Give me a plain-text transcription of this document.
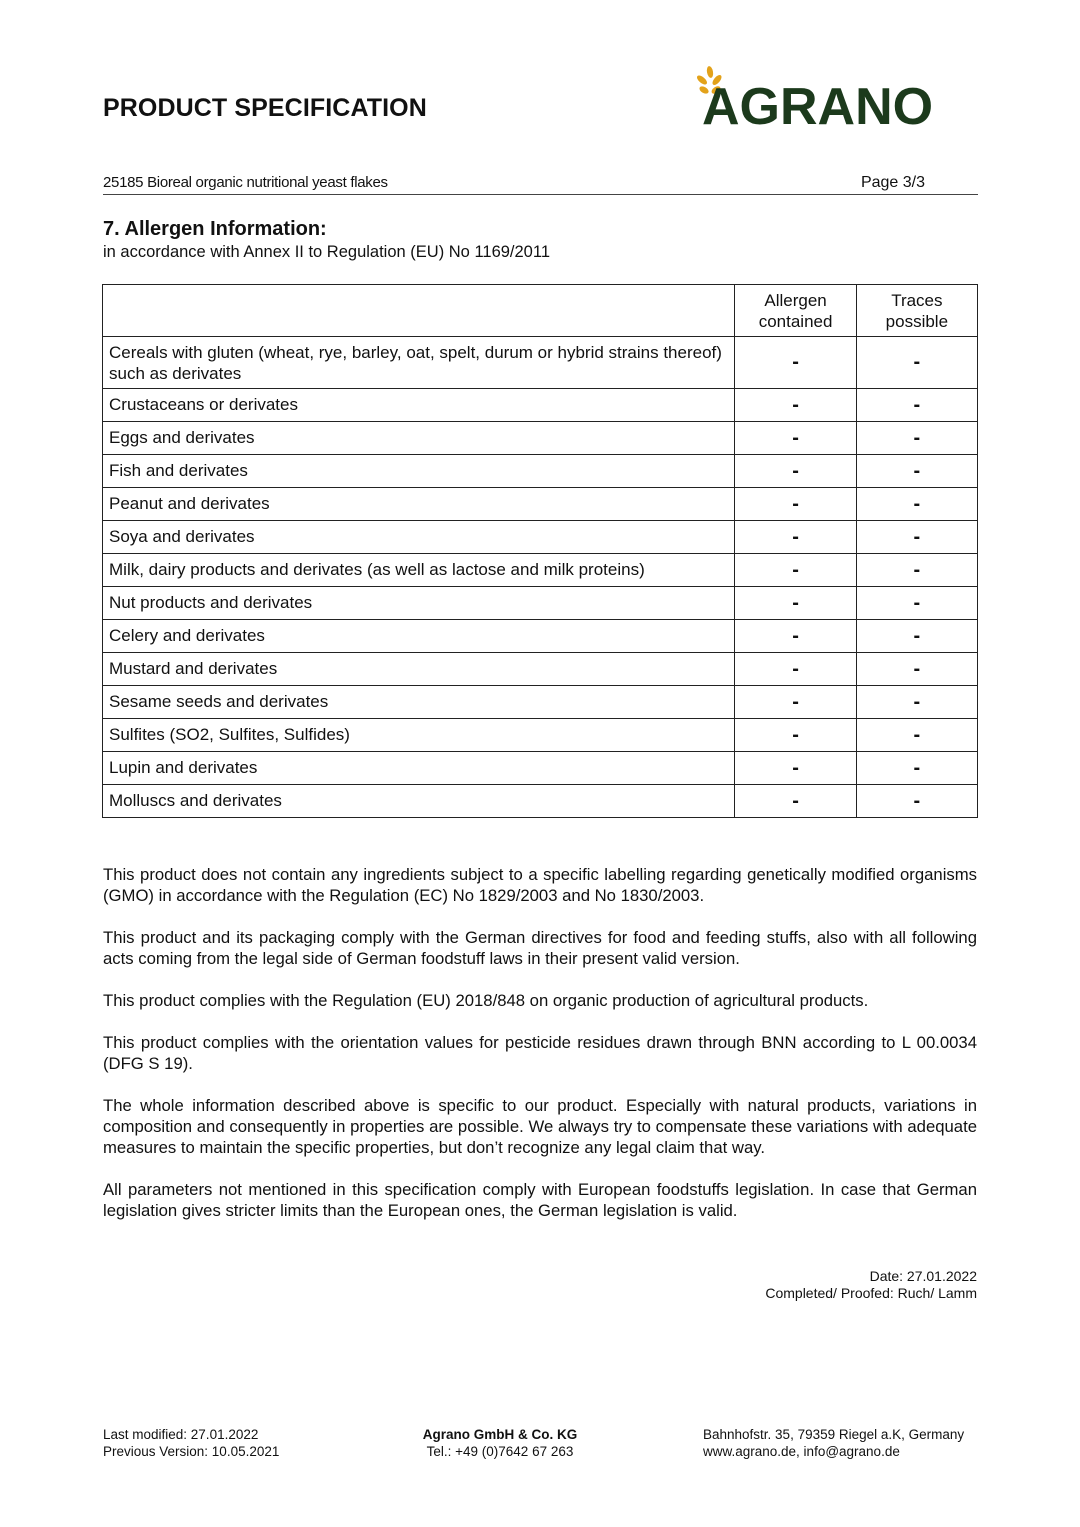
PRODUCT SPECIFICATION	AGRANO
25185 Bioreal organic nutritional yeast flakes	Page 3/3
7. Allergen Information:
in accordance with Annex II to Regulation (EU) No 1169/2011
	Allergen contained	Traces possible
Cereals with gluten (wheat, rye, barley, oat, spelt, durum or hybrid strains thereof) such as derivates	-	-
Crustaceans or derivates	-	-
Eggs and derivates	-	-
Fish and derivates	-	-
Peanut and derivates	-	-
Soya and derivates	-	-
Milk, dairy products and derivates (as well as lactose and milk proteins)	-	-
Nut products and derivates	-	-
Celery and derivates	-	-
Mustard and derivates	-	-
Sesame seeds and derivates	-	-
Sulfites (SO2, Sulfites, Sulfides)	-	-
Lupin and derivates	-	-
Molluscs and derivates	-	-

This product does not contain any ingredients subject to a specific labelling regarding genetically modified organisms (GMO) in accordance with the Regulation (EC) No 1829/2003 and No 1830/2003.

This product and its packaging comply with the German directives for food and feeding stuffs, also with all following acts coming from the legal side of German foodstuff laws in their present valid version.

This product complies with the Regulation (EU) 2018/848 on organic production of agricultural products.

This product complies with the orientation values for pesticide residues drawn through BNN according to L 00.0034 (DFG S 19).

The whole information described above is specific to our product. Especially with natural products, variations in composition and consequently in properties are possible. We always try to compensate these variations with adequate measures to maintain the specific properties, but don’t recognize any legal claim that way.

All parameters not mentioned in this specification comply with European foodstuffs legislation. In case that German legislation gives stricter limits than the European ones, the German legislation is valid.

Date: 27.01.2022
Completed/ Proofed: Ruch/ Lamm
Last modified: 27.01.2022
Previous Version: 10.05.2021
Agrano GmbH & Co. KG
Tel.: +49 (0)7642 67 263
Bahnhofstr. 35, 79359 Riegel a.K, Germany
www.agrano.de, info@agrano.de
